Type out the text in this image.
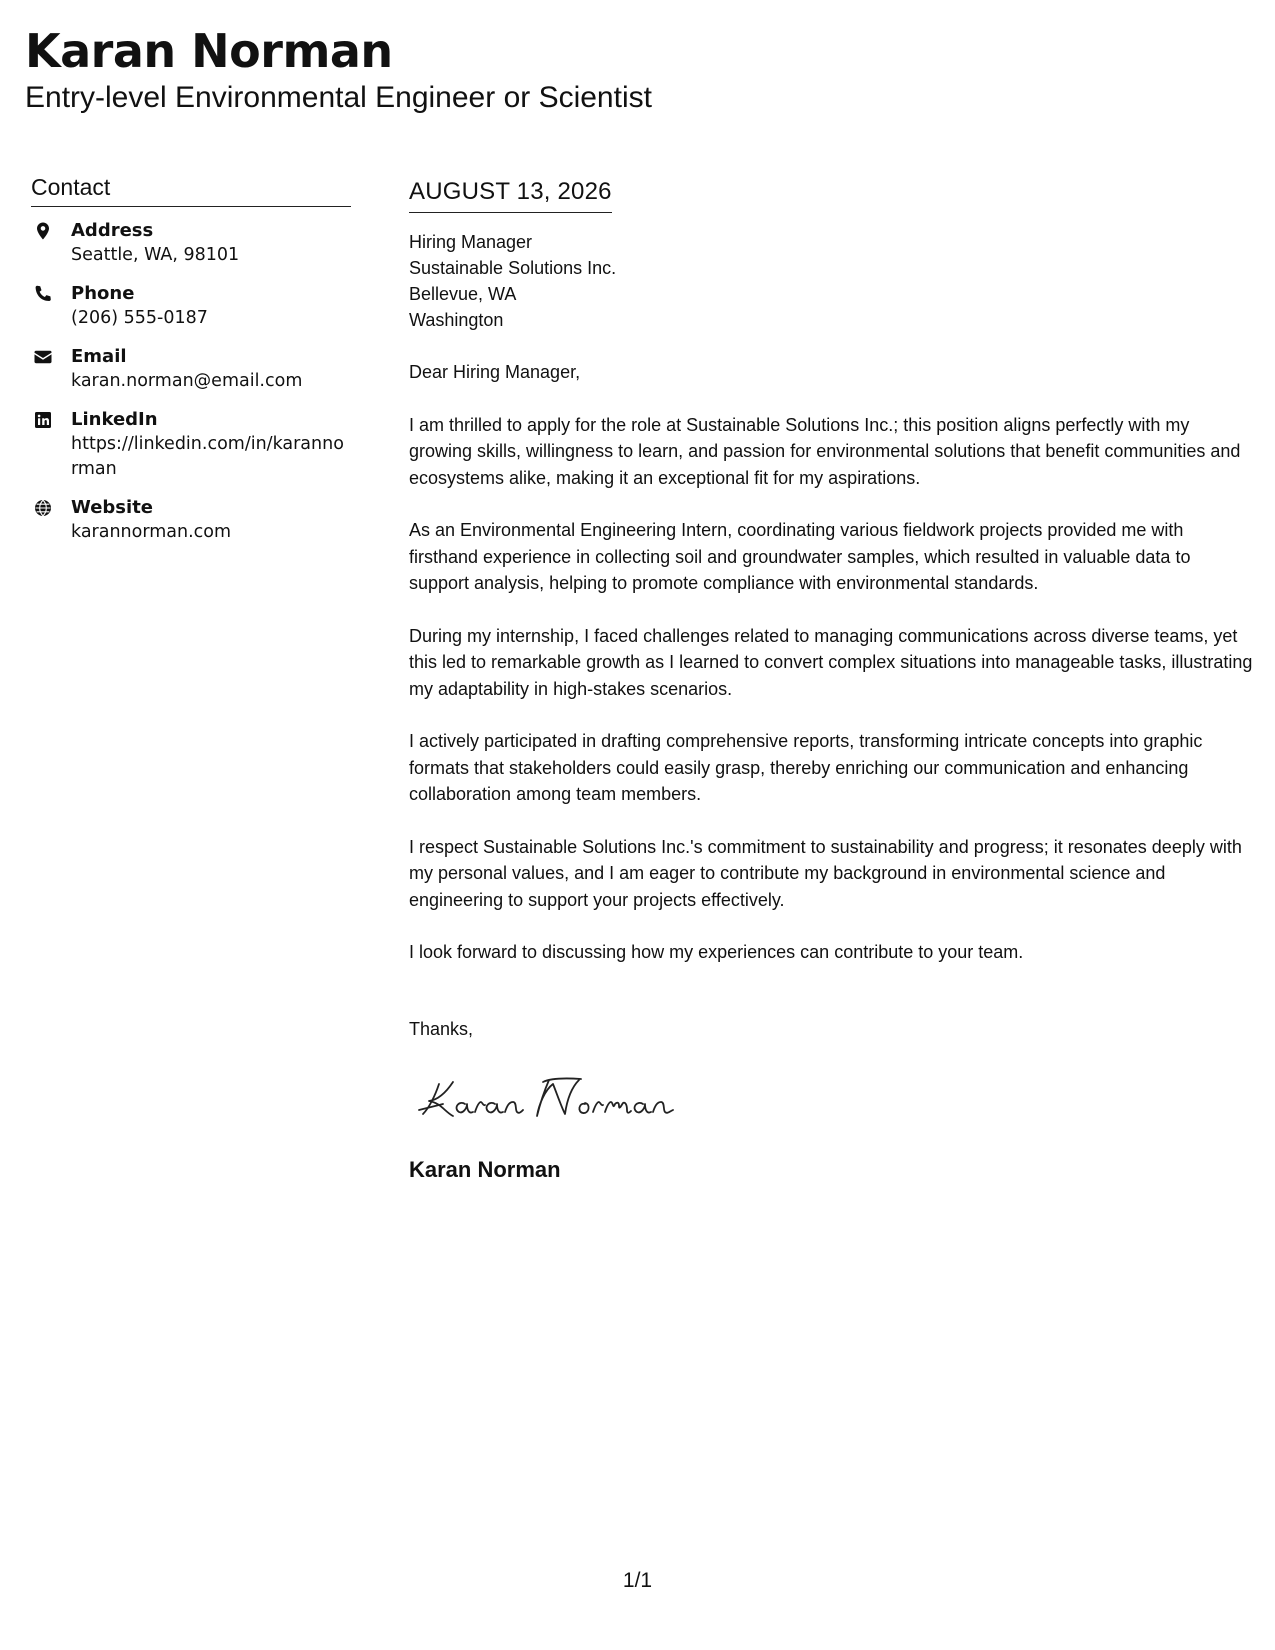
Karan Norman
Entry-level Environmental Engineer or Scientist
Contact
Address
Seattle, WA, 98101
Phone
(206) 555-0187
Email
karan.norman@email.com
LinkedIn
https://linkedin.com/in/karannorman
Website
karannorman.com
AUGUST 13, 2026
Hiring Manager
Sustainable Solutions Inc.
Bellevue, WA
Washington
Dear Hiring Manager,
I am thrilled to apply for the role at Sustainable Solutions Inc.; this position aligns perfectly with my growing skills, willingness to learn, and passion for environmental solutions that benefit communities and ecosystems alike, making it an exceptional fit for my aspirations.
As an Environmental Engineering Intern, coordinating various fieldwork projects provided me with firsthand experience in collecting soil and groundwater samples, which resulted in valuable data to support analysis, helping to promote compliance with environmental standards.
During my internship, I faced challenges related to managing communications across diverse teams, yet this led to remarkable growth as I learned to convert complex situations into manageable tasks, illustrating my adaptability in high-stakes scenarios.
I actively participated in drafting comprehensive reports, transforming intricate concepts into graphic formats that stakeholders could easily grasp, thereby enriching our communication and enhancing collaboration among team members.
I respect Sustainable Solutions Inc.'s commitment to sustainability and progress; it resonates deeply with my personal values, and I am eager to contribute my background in environmental science and engineering to support your projects effectively.
I look forward to discussing how my experiences can contribute to your team.
Thanks,
Karan Norman
1/1
